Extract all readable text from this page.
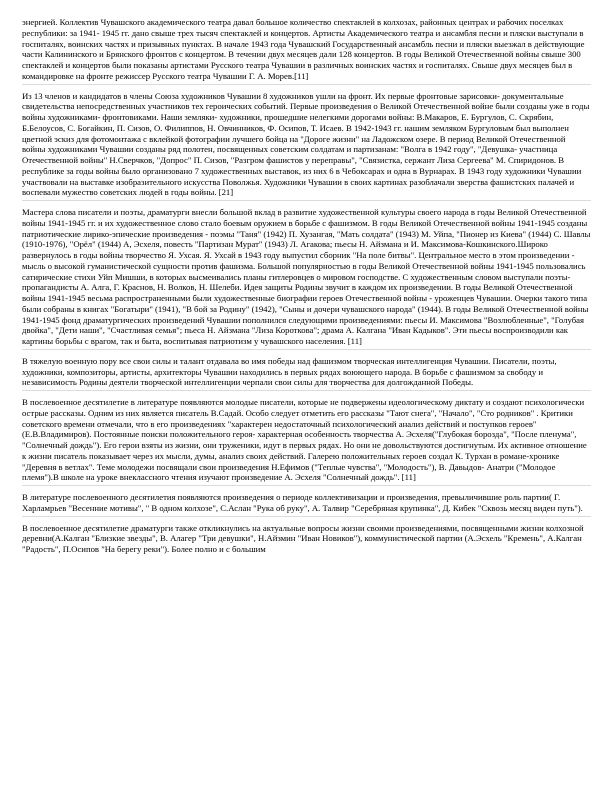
энергией. Коллектив Чувашского академического театра давал большое количество спектаклей в колхозах, районных центрах и рабочих поселках республики: за 1941- 1945 гг. дано свыше трех тысяч спектаклей и концертов. Артисты Академического театра и ансамбля песни и пляски выступали в госпиталях, воинских частях и призывных пунктах. В начале 1943 года Чувашский Государственный ансамбль песни и пляски выезжал в действующие части Калининского и Брянского фронтов с концертом. В течении двух месяцев дали 128 концертов. В годы Великой Отечественной войны свыше 300 спектаклей и концертов были показаны артистами Русского театра Чувашии в различных воинских частях и госпиталях. Свыше двух месяцев был в командировке на фронте режиссер Русского театра Чувашии Г. А. Морев.[11]

Из 13 членов и кандидатов в члены Союза художников Чувашии 8 художников ушли на фронт. Их первые фронтовые зарисовки- документальные свидетельства непосредственных участников тех героических событий. Первые произведения о Великой Отечественной войне были созданы уже в годы войны художниками- фронтовиками. Наши земляки- художники, прошедшие нелегкими дорогами войны: В.Макаров, Е. Бургулов, С. Скрябин, Б.Белоусов, С. Богайкин, П. Сизов, О. Филиппов, Н. Овчинников, Ф. Осипов, Т. Исаев. В 1942-1943 гг. нашим земляком Бургуловым был выполнен цветной эскиз для фотомонтажа с вклейкой фотографии лучшего бойца на "Дороге жизни" на Ладожском озере. В период Великой Отечественной войны художниками Чувашии созданы ряд полотен, посвященных советским солдатам и партизанам: "Волга в 1942 году", "Девушка- участница Отечественной войны" Н.Сверчков, "Допрос" П. Сизов, "Разгром фашистов у переправы", "Связистка, сержант Лиза Сергеева" М. Спиридонов. В республике за годы войны было организовано 7 художественных выставок, из них 6 в Чебоксарах и одна в Вурнарах. В 1943 году художники Чувашии участвовали на выставке изобразительного искусства Поволжья. Художники Чувашии в своих картинах разоблачали зверства фашистских палачей и воспевали мужество советских людей в годы войны. [21]

Мастера слова писатели и поэты, драматурги внесли большой вклад в развитие художественной культуры своего народа в годы Великой Отечественной войны 1941-1945 гг. и их художественное слово стало боевым оружием в борьбе с фашизмом. В годы Великой Отечественной войны 1941-1945 созданы патриотические лирико-эпические произведения - поэмы "Таня" (1942) П. Хузангая, "Мать солдата" (1943) М. Уйпа, "Пионер из Киева" (1944) С. Шавлы (1910-1976), "Орёл" (1944) А, Эсхеля, повесть "Партизан Мурат" (1943) Л. Агакова; пьесы Н. Айзмана и И. Максимова-Кошкинского.Широко развернулось в годы войны творчество Я. Ухсая. Я. Ухсай в 1943 году выпустил сборник "На поле битвы". Центральное место в этом произведении - мысль о высокой гуманистической сущности против фашизма. Большой популярностью в годы Великой Отечественной войны 1941-1945 пользовались сатирические стихи Уйп Мишши, в которых высмеивались планы гитлеровцев о мировом господстве. С художественным словом выступали поэты- пропагандисты А. Алга, Г. Краснов, Н. Волков, Н. Шелеби. Идея защиты Родины звучит в каждом их произведении. В годы Великой Отечественной войны 1941-1945 весьма распространенными были художественные биографии героев Отечественной войны - уроженцев Чувашии. Очерки такого типа были собраны в книгах "Богатыри" (1941), "В бой за Родину" (1942), "Сыны и дочери чувашского народа" (1944). В годы Великой Отечественной войны 1941-1945 фонд драматургических произведений Чувашии пополнился следующими произведениями: пьесы И. Максимова "Возлюбленные", "Голубая двойка", "Дети наши", "Счастливая семья"; пьеса Н. Айзмана "Лиза Короткова"; драма А. Калгана "Иван Кадыков". Эти пьесы воспроизводили как картины борьбы с врагом, так и быта, воспитывая патриотизм у чувашского населения. [11]

В тяжелую военную пору все свои силы и талант отдавала во имя победы над фашизмом творческая интеллигенция Чувашии. Писатели, поэты, художники, композиторы, артисты, архитекторы Чувашии находились в первых рядах воюющего народа. В борьбе с фашизмом за свободу и независимость Родины деятели творческой интеллигенции черпали свои силы для творчества для долгожданной Победы.

В послевоенное десятилетие в литературе появляются молодые писатели, которые не подвержены идеологическому диктату и создают психологически острые рассказы. Одним из них является писатель В.Садай. Особо следует отметить его рассказы "Тают снега", "Начало", "Сто родников" . Критики советского времени отмечали, что в его произведениях "характерен недостаточный психологический анализ действий и поступков героев" (Е.В.Владимиров). Постоянные поиски положительного героя- характерная особенность творчества А. Эсхеля("Глубокая борозда", "После пленума", "Солнечный дождь"). Его герои взяты из жизни, они труженики, идут в первых рядах. Но они не довольствуются достигнутым. Их активное отношение к жизни писатель показывает через их мысли, думы, анализ своих действий. Галерею положительных героев создал К. Турхан в романе-хронике "Деревня в ветлах". Теме молодежи посвящали свои произведения Н.Ефимов ("Теплые чувства", "Молодость"), В. Давыдов- Анатри ("Молодое племя").В школе на уроке внеклассного чтения изучают произведение А. Эсхеля "Солнечный дождь". [11]

В литературе послевоенного десятилетия появляются произведения о периоде коллективизации и произведения, превыличившие роль партии( Г. Харламрьев "Весенние мотивы", " В одном колхозе", С.Аслан "Рука об руку", А. Талвир "Серебряная крупинка", Д. Кибек "Сквозь месяц виден путь").

В послевоенное десятилетие драматурги также откликнулись на актуальные вопросы жизни своими произведениями, посвященными жизни колхозной деревни(А.Калган "Близкие звезды", В. Алагер "Три девушки", Н.Айзмин "Иван Новиков"), коммунистической партии (А.Эсхель "Кремень", А.Калган "Радость", П.Осипов "На берегу реки"). Более полно и с большим
